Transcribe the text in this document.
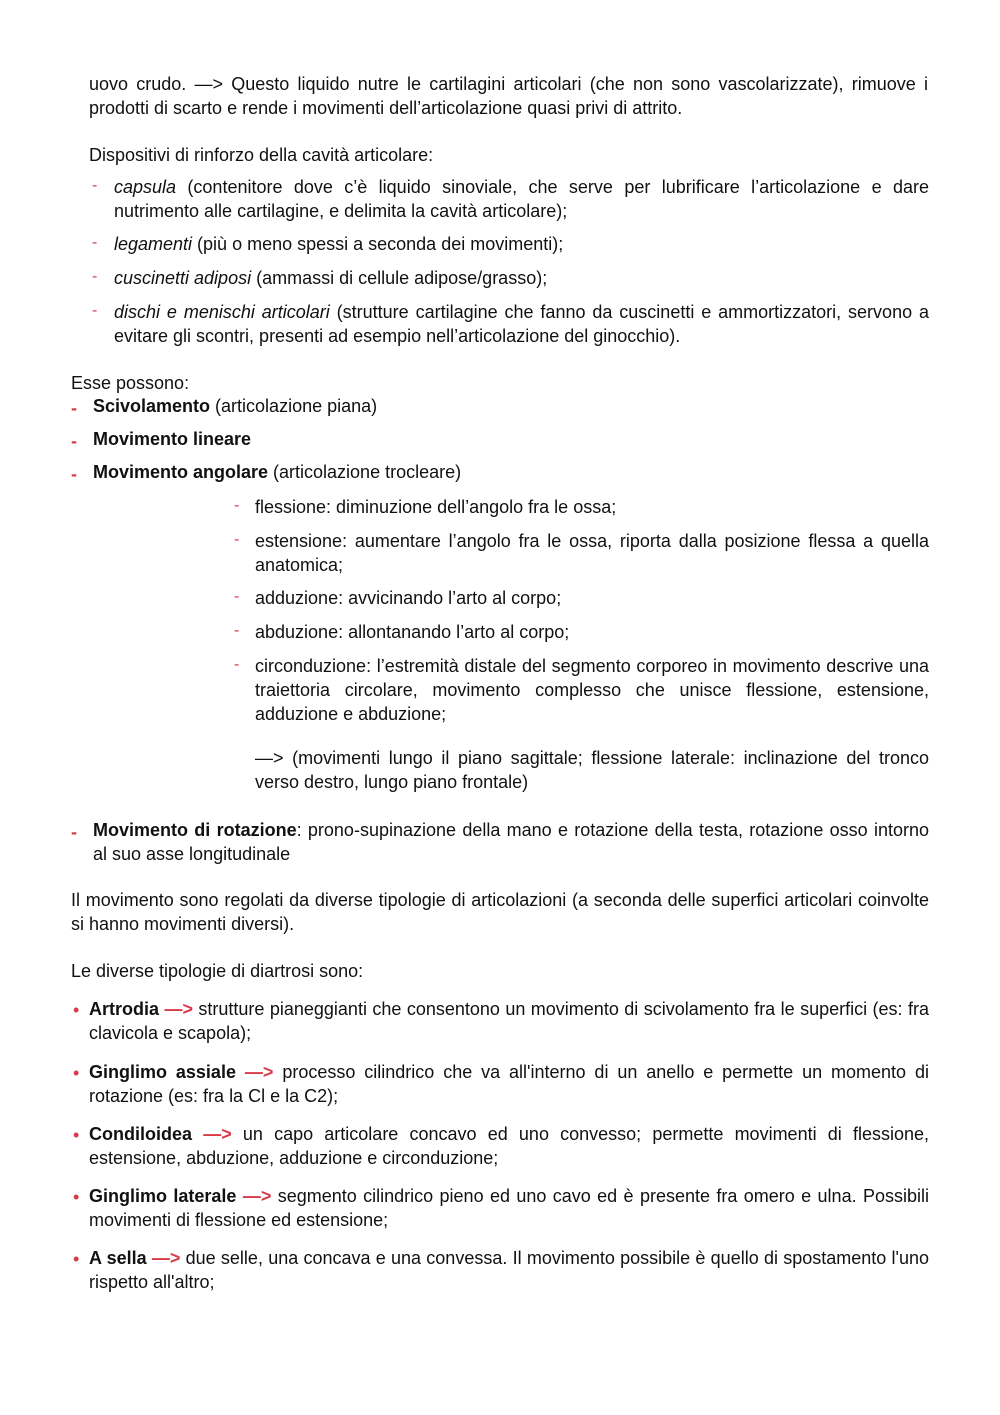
uovo crudo. —> Questo liquido nutre le cartilagini articolari (che non sono vascolarizzate), rimuove i prodotti di scarto e rende i movimenti dell’articolazione quasi privi di attrito.

Dispositivi di rinforzo della cavità articolare:

- capsula (contenitore dove c’è liquido sinoviale, che serve per lubrificare l’articolazione e dare nutrimento alle cartilagine, e delimita la cavità articolare);

- legamenti (più o meno spessi a seconda dei movimenti);

- cuscinetti adiposi (ammassi di cellule adipose/grasso);

- dischi e menischi articolari (strutture cartilagine che fanno da cuscinetti e ammortizzatori, servono a evitare gli scontri, presenti ad esempio nell’articolazione del ginocchio).

Esse possono:

- Scivolamento (articolazione piana)

- Movimento lineare

- Movimento angolare (articolazione trocleare)

- flessione: diminuzione dell’angolo fra le ossa;

- estensione: aumentare l’angolo fra le ossa, riporta dalla posizione flessa a quella anatomica;

- adduzione: avvicinando l’arto al corpo;

- abduzione: allontanando l’arto al corpo;

- circonduzione: l’estremità distale del segmento corporeo in movimento descrive una traiettoria circolare, movimento complesso che unisce flessione, estensione, adduzione e abduzione;

—> (movimenti lungo il piano sagittale; flessione laterale: inclinazione del tronco verso destro, lungo piano frontale)

- Movimento di rotazione: prono-supinazione della mano e rotazione della testa, rotazione osso intorno al suo asse longitudinale

Il movimento sono regolati da diverse tipologie di articolazioni (a seconda delle superfici articolari coinvolte si hanno movimenti diversi).

Le diverse tipologie di diartrosi sono:

• Artrodia —> strutture pianeggianti che consentono un movimento di scivolamento fra le superfici (es: fra clavicola e scapola);

• Ginglimo assiale —> processo cilindrico che va all'interno di un anello e permette un momento di rotazione (es: fra la Cl e la C2);

• Condiloidea —> un capo articolare concavo ed uno convesso; permette movimenti di flessione, estensione, abduzione, adduzione e circonduzione;

• Ginglimo laterale —> segmento cilindrico pieno ed uno cavo ed è presente fra omero e ulna. Possibili movimenti di flessione ed estensione;

• A sella —> due selle, una concava e una convessa. Il movimento possibile è quello di spostamento l'uno rispetto all'altro;
